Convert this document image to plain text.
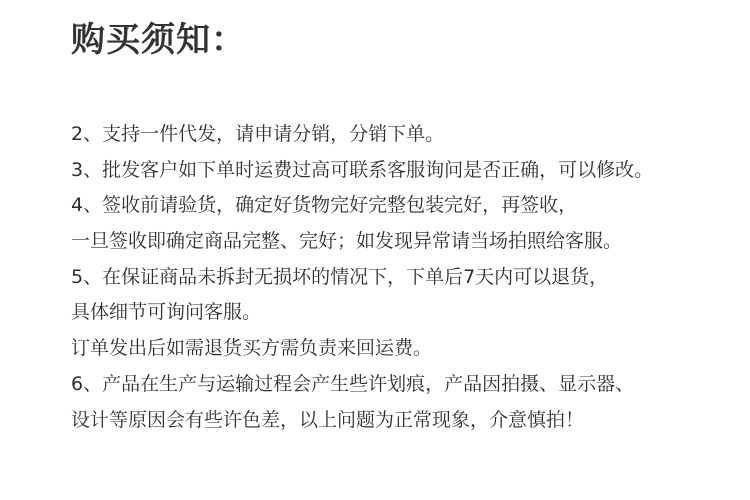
购买须知：
2、支持一件代发，请申请分销，分销下单。
3、批发客户如下单时运费过高可联系客服询问是否正确，可以修改。
4、签收前请验货，确定好货物完好完整包装完好，再签收，
一旦签收即确定商品完整、完好；如发现异常请当场拍照给客服。
5、在保证商品未拆封无损坏的情况下，下单后7天内可以退货，
具体细节可询问客服。
订单发出后如需退货买方需负责来回运费。
6、产品在生产与运输过程会产生些许划痕，产品因拍摄、显示器、
设计等原因会有些许色差，以上问题为正常现象，介意慎拍！
